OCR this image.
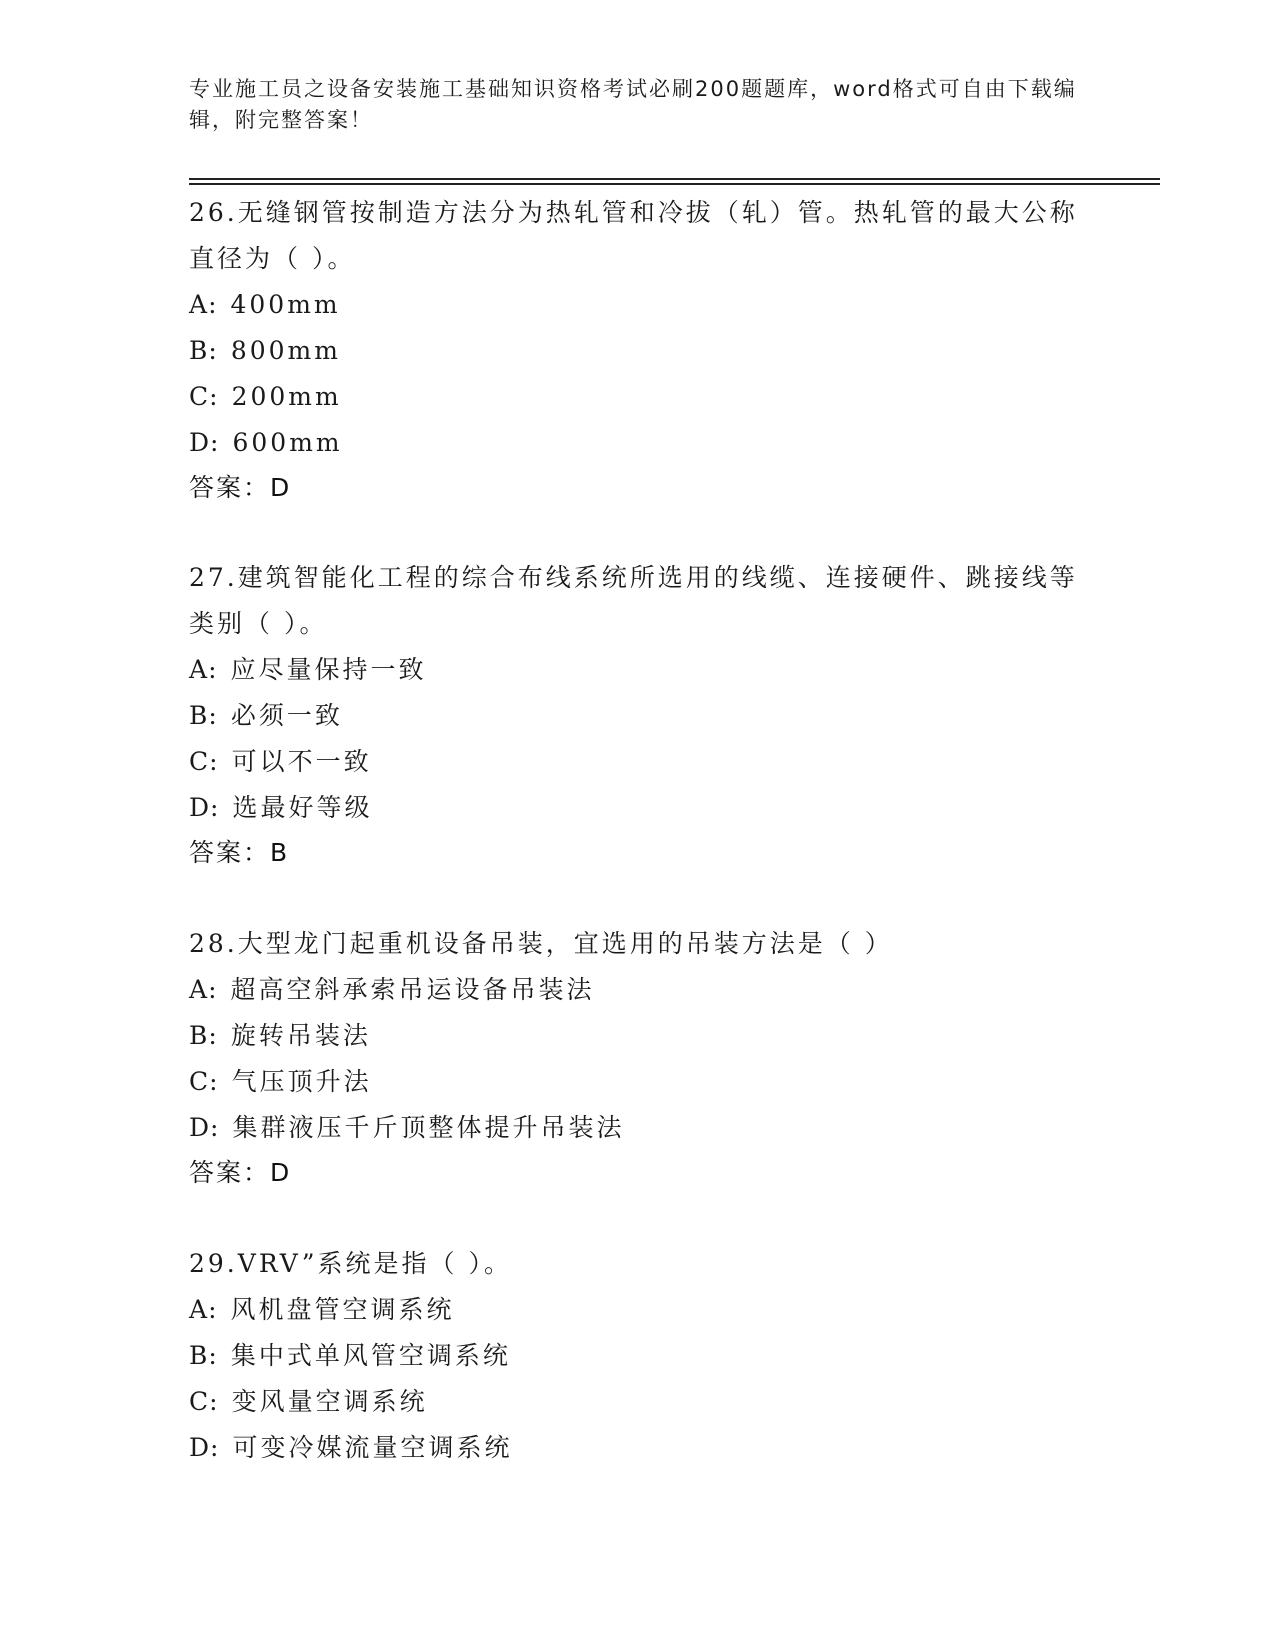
专业施工员之设备安装施工基础知识资格考试必刷200题题库，word格式可自由下载编辑，附完整答案！

26.无缝钢管按制造方法分为热轧管和冷拔（轧）管。热轧管的最大公称直径为（ ）。

A: 400mm

B: 800mm

C: 200mm

D: 600mm

答案：D

27.建筑智能化工程的综合布线系统所选用的线缆、连接硬件、跳接线等类别（ ）。

A: 应尽量保持一致

B: 必须一致

C: 可以不一致

D: 选最好等级

答案：B

28.大型龙门起重机设备吊装，宜选用的吊装方法是（ ）

A: 超高空斜承索吊运设备吊装法

B: 旋转吊装法

C: 气压顶升法

D: 集群液压千斤顶整体提升吊装法

答案：D

29.VRV”系统是指（ ）。

A: 风机盘管空调系统

B: 集中式单风管空调系统

C: 变风量空调系统

D: 可变冷媒流量空调系统
